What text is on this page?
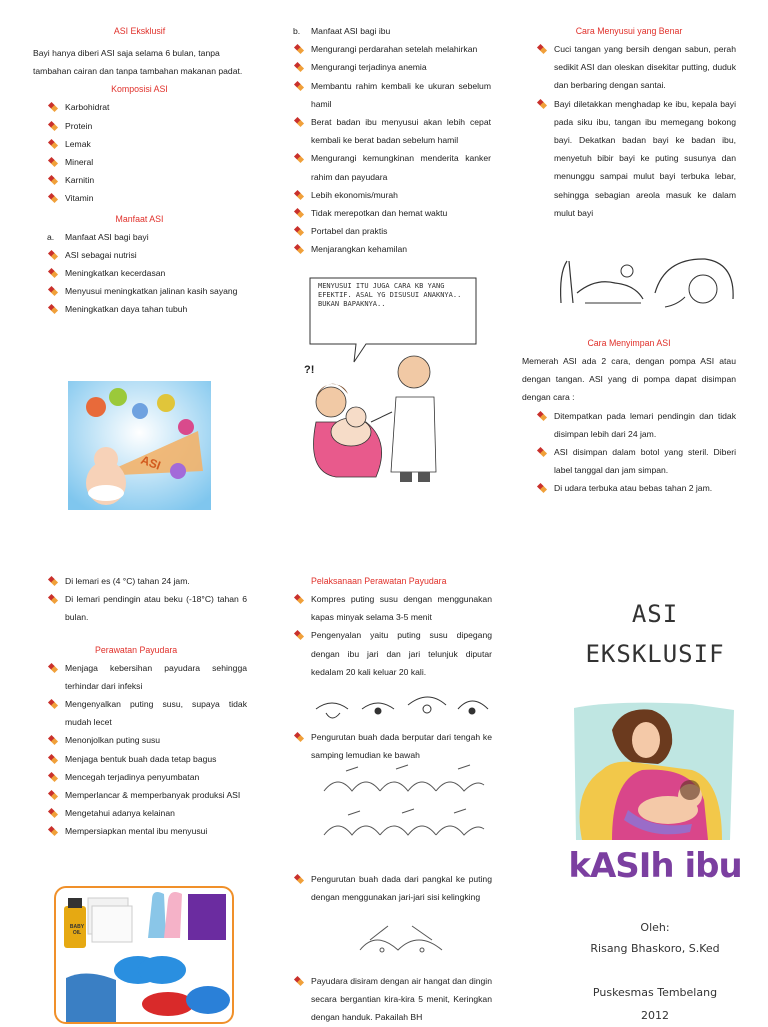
ASI Eksklusif

Bayi hanya diberi ASI saja selama 6 bulan, tanpa tambahan cairan dan tanpa tambahan makanan padat.

Komposisi ASI
Karbohidrat
Protein
Lemak
Mineral
Karnitin
Vitamin
Manfaat ASI
a. Manfaat ASI bagi bayi
ASI sebagai nutrisi
Meningkatkan kecerdasan
Menyusui meningkatkan jalinan kasih sayang
Meningkatkan daya tahan tubuh
ASI
b. Manfaat ASI bagi ibu
Mengurangi perdarahan setelah melahirkan
Mengurangi terjadinya anemia
Membantu rahim kembali ke ukuran sebelum hamil
Berat badan ibu menyusui akan lebih cepat kembali ke berat badan sebelum hamil
Mengurangi kemungkinan menderita kanker rahim dan payudara
Lebih ekonomis/murah
Tidak merepotkan dan hemat waktu
Portabel dan praktis
Menjarangkan kehamilan
MENYUSUI ITU JUGA CARA KB YANG EFEKTIF. ASAL YG DISUSUI ANAKNYA.. BUKAN BAPAKNYA..
?!
Cara Menyusui yang Benar
Cuci tangan yang bersih dengan sabun, perah sedikit ASI dan oleskan disekitar putting, duduk dan berbaring dengan santai.
Bayi diletakkan menghadap ke ibu, kepala bayi pada siku ibu, tangan ibu memegang bokong bayi. Dekatkan badan bayi ke badan ibu, menyetuh bibir bayi ke puting susunya dan menunggu sampai mulut bayi terbuka lebar, sehingga sebagian areola masuk ke dalam mulut bayi
Cara Menyimpan ASI

Memerah ASI ada 2 cara, dengan pompa ASI atau dengan tangan. ASI yang di pompa dapat disimpan dengan cara :

Ditempatkan pada lemari pendingin dan tidak disimpan lebih dari 24 jam.
ASI disimpan dalam botol yang steril. Diberi label tanggal dan jam simpan.
Di udara terbuka atau bebas tahan 2 jam.
Di lemari es (4 °C) tahan 24 jam.
Di lemari pendingin atau beku (-18°C) tahan 6 bulan.
Perawatan Payudara
Menjaga kebersihan payudara sehingga terhindar dari infeksi
Mengenyalkan puting susu, supaya tidak mudah lecet
Menonjolkan puting susu
Menjaga bentuk buah dada tetap bagus
Mencegah terjadinya penyumbatan
Memperlancar & memperbanyak produksi ASI
Mengetahui adanya kelainan
Mempersiapkan mental ibu menyusui
BABY OIL
Pelaksanaan Perawatan Payudara
Kompres puting susu dengan menggunakan kapas minyak selama 3-5 menit
Pengenyalan yaitu puting susu dipegang dengan ibu jari dan jari telunjuk diputar kedalam 20 kali keluar 20 kali.
Pengurutan buah dada berputar dari tengah ke samping lemudian ke bawah
Pengurutan buah dada dari pangkal ke puting dengan menggunakan jari-jari sisi kelingking
Payudara disiram dengan air hangat dan dingin secara bergantian kira-kira 5 menit, Keringkan dengan handuk. Pakailah BH
ASI
EKSKLUSIF
kASIh ibu
Oleh:
Risang Bhaskoro, S.Ked
Puskesmas Tembelang
2012
